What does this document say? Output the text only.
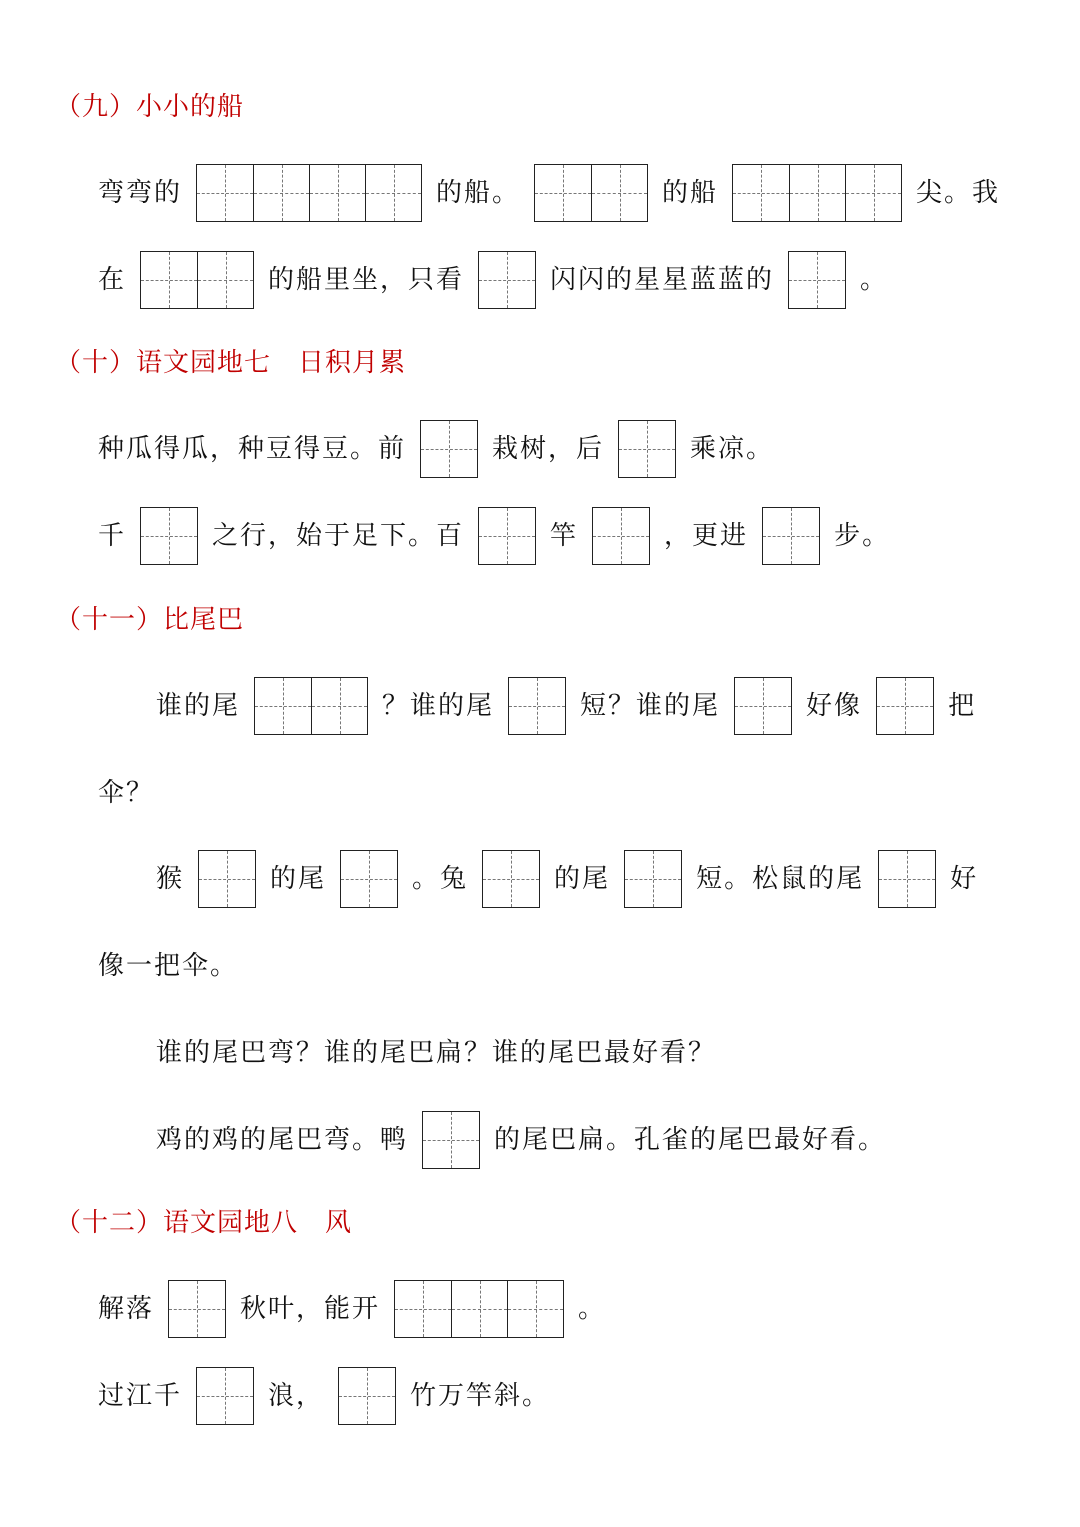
（九）小小的船
弯弯的	的船。	的船	尖。我
在	的船里坐，只看	闪闪的星星蓝蓝的	。
（十）语文园地七　日积月累
种瓜得瓜，种豆得豆。前	栽树，后	乘凉。
千	之行，始于足下。百	竿	，更进	步。
（十一）比尾巴
谁的尾	？谁的尾	短？谁的尾	好像	把
伞？
猴	的尾	。兔	的尾	短。松鼠的尾	好
像一把伞。
谁的尾巴弯？谁的尾巴扁？谁的尾巴最好看？
鸡的鸡的尾巴弯。鸭	的尾巴扁。孔雀的尾巴最好看。
（十二）语文园地八　风
解落	秋叶，能开	。
过江千	浪，	竹万竿斜。
